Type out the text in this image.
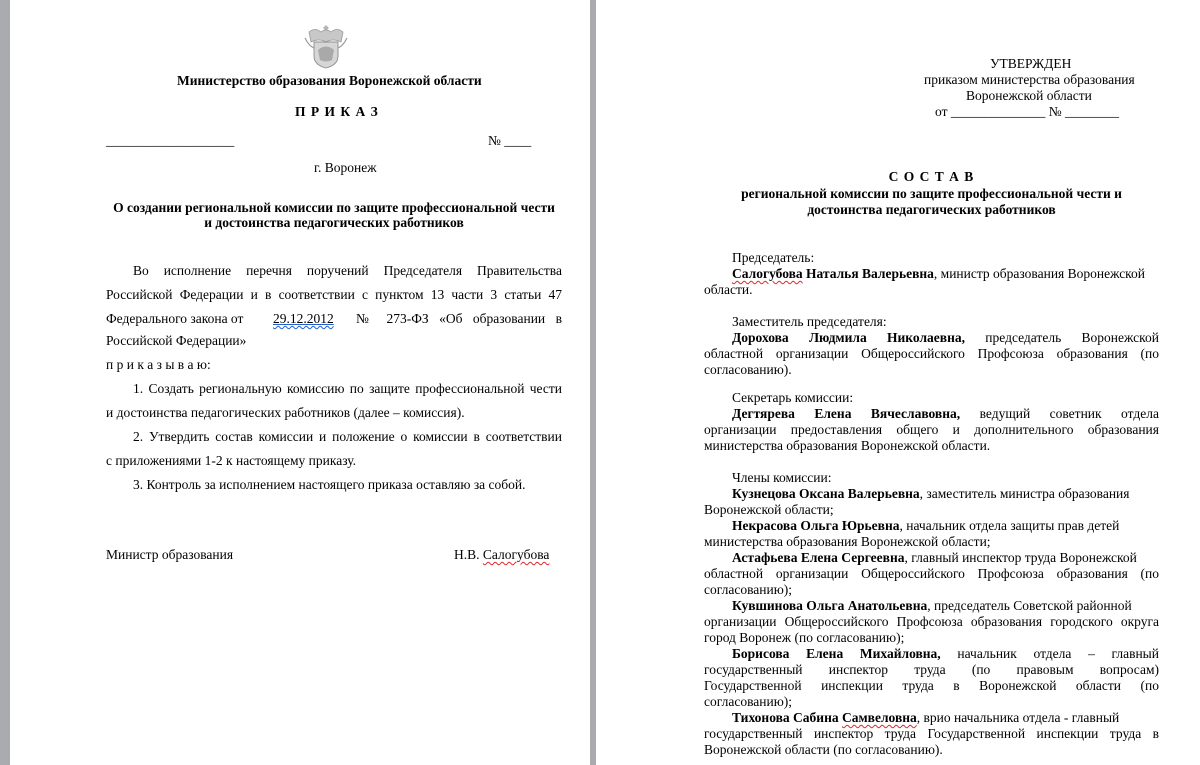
Министерство образования Воронежской области
П Р И К А З
___________________	№ ____
г. Воронеж
О создании региональной комиссии по защите профессиональной чести
и достоинства педагогических работников
Во исполнение перечня поручений Председателя Правительства
Российской Федерации и в соответствии с пунктом 13 части 3 статьи 47
Федерального закона от 29.12.2012	№ 273-ФЗ «Об образовании в
Российской Федерации»
п р и к а з ы в а ю:
1. Создать региональную комиссию по защите профессиональной чести
и достоинства педагогических работников (далее – комиссия).
2. Утвердить состав комиссии и положение о комиссии в соответствии
с приложениями 1-2 к настоящему приказу.
3. Контроль за исполнением настоящего приказа оставляю за собой.
Министр образования	Н.В. Салогубова
УТВЕРЖДЕН
приказом министерства образования
Воронежской области
от ______________ № ________
С О С Т А В
региональной комиссии по защите профессиональной чести и
достоинства педагогических работников
Председатель:
Салогубова Наталья Валерьевна, министр образования Воронежской
области.
Заместитель председателя:
Дорохова Людмила Николаевна, председатель Воронежской
областной организации Общероссийского Профсоюза образования (по
согласованию).
Секретарь комиссии:
Дегтярева Елена Вячеславовна, ведущий советник отдела
организации предоставления общего и дополнительного образования
министерства образования Воронежской области.
Члены комиссии:
Кузнецова Оксана Валерьевна, заместитель министра образования
Воронежской области;
Некрасова Ольга Юрьевна, начальник отдела защиты прав детей
министерства образования Воронежской области;
Астафьева Елена Сергеевна, главный инспектор труда Воронежской
областной организации Общероссийского Профсоюза образования (по
согласованию);
Кувшинова Ольга Анатольевна, председатель Советской районной
организации Общероссийского Профсоюза образования городского округа
город Воронеж (по согласованию);
Борисова Елена Михайловна, начальник отдела – главный
государственный инспектор труда (по правовым вопросам)
Государственной инспекции труда в Воронежской области (по
согласованию);
Тихонова Сабина Самвеловна, врио начальника отдела - главный
государственный инспектор труда Государственной инспекции труда в
Воронежской области (по согласованию).
